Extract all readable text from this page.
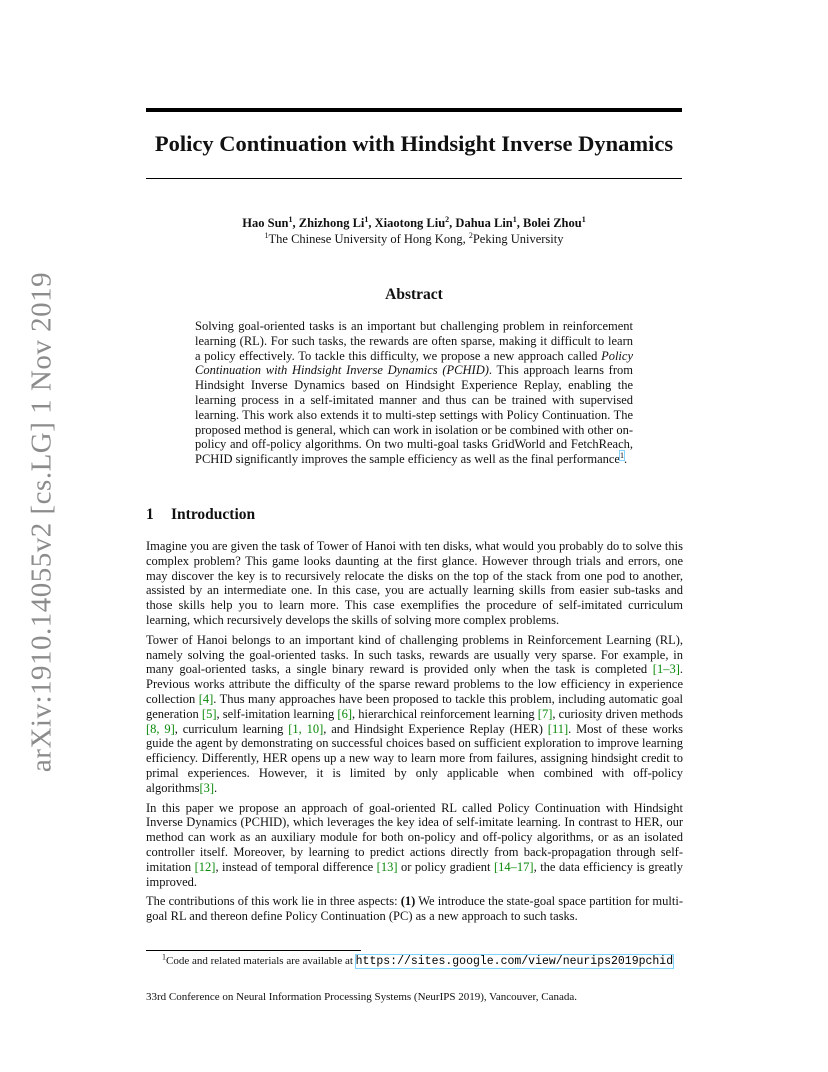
arXiv:1910.14055v2 [cs.LG] 1 Nov 2019
Policy Continuation with Hindsight Inverse Dynamics
Hao Sun$^1$, Zhizhong Li$^1$, Xiaotong Liu$^2$, Dahua Lin$^1$, Bolei Zhou$^1$
$^1$The Chinese University of Hong Kong, $^2$Peking University
Abstract

Solving goal-oriented tasks is an important but challenging problem in reinforcement learning (RL). For such tasks, the rewards are often sparse, making it difficult to learn a policy effectively. To tackle this difficulty, we propose a new approach called Policy Continuation with Hindsight Inverse Dynamics (PCHID). This approach learns from Hindsight Inverse Dynamics based on Hindsight Experience Replay, enabling the learning process in a self-imitated manner and thus can be trained with supervised learning. This work also extends it to multi-step settings with Policy Continuation. The proposed method is general, which can work in isolation or be combined with other on-policy and off-policy algorithms. On two multi-goal tasks GridWorld and FetchReach, PCHID significantly improves the sample efficiency as well as the final performance$^1$.

1 Introduction

Imagine you are given the task of Tower of Hanoi with ten disks, what would you probably do to solve this complex problem? This game looks daunting at the first glance. However through trials and errors, one may discover the key is to recursively relocate the disks on the top of the stack from one pod to another, assisted by an intermediate one. In this case, you are actually learning skills from easier sub-tasks and those skills help you to learn more. This case exemplifies the procedure of self-imitated curriculum learning, which recursively develops the skills of solving more complex problems.

Tower of Hanoi belongs to an important kind of challenging problems in Reinforcement Learning (RL), namely solving the goal-oriented tasks. In such tasks, rewards are usually very sparse. For example, in many goal-oriented tasks, a single binary reward is provided only when the task is completed [1–3]. Previous works attribute the difficulty of the sparse reward problems to the low efficiency in experience collection [4]. Thus many approaches have been proposed to tackle this problem, including automatic goal generation [5], self-imitation learning [6], hierarchical reinforcement learning [7], curiosity driven methods [8, 9], curriculum learning [1, 10], and Hindsight Experience Replay (HER) [11]. Most of these works guide the agent by demonstrating on successful choices based on sufficient exploration to improve learning efficiency. Differently, HER opens up a new way to learn more from failures, assigning hindsight credit to primal experiences. However, it is limited by only applicable when combined with off-policy algorithms[3].

In this paper we propose an approach of goal-oriented RL called Policy Continuation with Hindsight Inverse Dynamics (PCHID), which leverages the key idea of self-imitate learning. In contrast to HER, our method can work as an auxiliary module for both on-policy and off-policy algorithms, or as an isolated controller itself. Moreover, by learning to predict actions directly from back-propagation through self-imitation [12], instead of temporal difference [13] or policy gradient [14–17], the data efficiency is greatly improved.

The contributions of this work lie in three aspects: (1) We introduce the state-goal space partition for multi-goal RL and thereon define Policy Continuation (PC) as a new approach to such tasks.

$^1$Code and related materials are available at https://sites.google.com/view/neurips2019pchid
33rd Conference on Neural Information Processing Systems (NeurIPS 2019), Vancouver, Canada.
